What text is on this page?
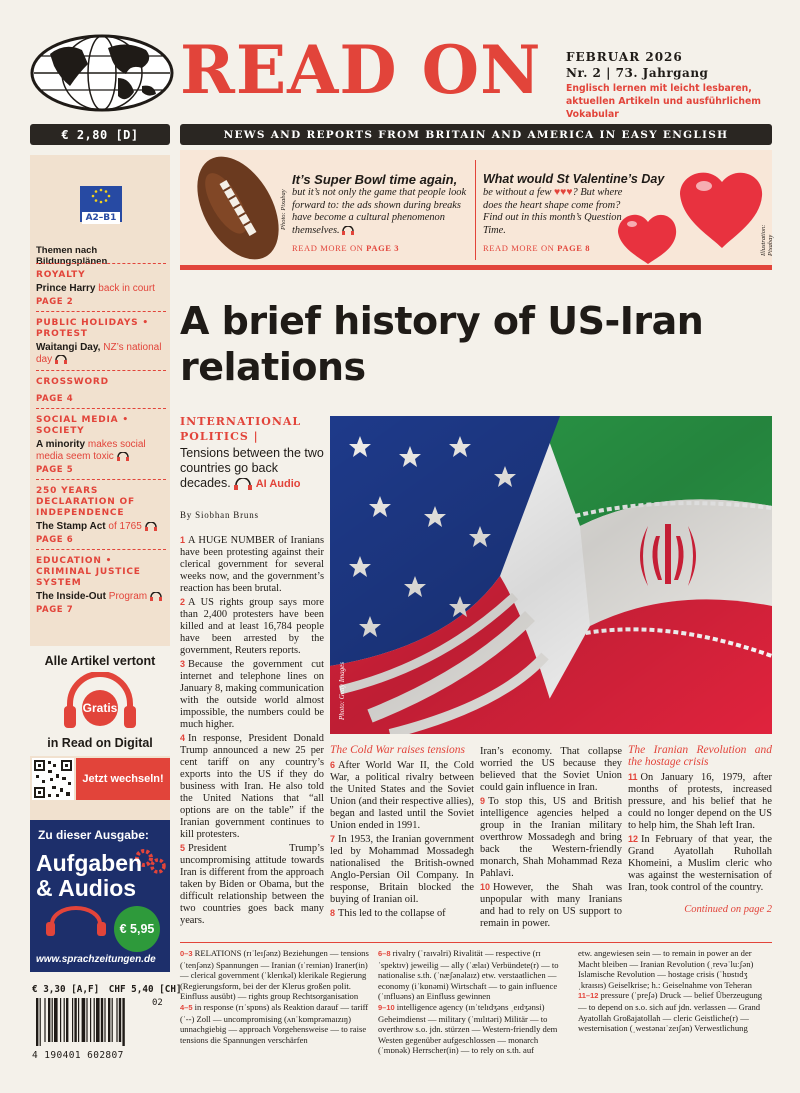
READ ON FEBRUAR 2026
Nr. 2 | 73. Jahrgang
Englisch lernen mit leicht lesbaren, aktuellen Artikeln und ausführlichem Vokabular
€ 2,80 [D]	NEWS AND REPORTS FROM BRITAIN AND AMERICA IN EASY ENGLISH
A2–B1
Themen nach Bildungsplänen
ROYALTY
Prince Harry back in court
PAGE 2
PUBLIC HOLIDAYS • PROTEST
Waitangi Day, NZ’s national day
CROSSWORD
PAGE 4
SOCIAL MEDIA • SOCIETY
A minority makes social media seem toxic
PAGE 5
250 YEARS DECLARATION OF INDEPENDENCE
The Stamp Act of 1765
PAGE 6
EDUCATION • CRIMINAL JUSTICE SYSTEM
The Inside-Out Program
PAGE 7
Alle Artikel vertont
Gratis
in Read on Digital
Jetzt wechseln!
Zu dieser Ausgabe:
Aufgaben
& Audios
€ 5,95
www.sprachzeitungen.de
€ 3,30 [A,F] CHF 5,40 [CH]
4 190401 602807
02
Photo: Pixabay
It’s Super Bowl time again,
but it’s not only the game that people look forward to: the ads shown during breaks have become a cultural phenomenon themselves.
READ MORE ON PAGE 3
What would St Valentine’s Day
be without a few ♥♥♥? But where does the heart shape come from? Find out in this month’s Question Time.
READ MORE ON PAGE 8	Illustration: Pixabay
A brief history of US-Iran relations
INTERNATIONAL POLITICS |
Tensions between the two countries go back decades. AI Audio
By Siobhan Bruns
Photo: Getty Images

1 A HUGE NUMBER of Iranians have been protesting against their clerical government for several weeks now, and the government’s reaction has been brutal.

2 A US rights group says more than 2,400 protesters have been killed and at least 16,784 people have been arrested by the government, Reuters reports.

3 Because the government cut internet and telephone lines on January 8, making communication with the outside world almost impossible, the numbers could be much higher.

4 In response, President Donald Trump announced a new 25 per cent tariff on any country’s exports into the US if they do business with Iran. He also told the United Nations that “all options are on the table” if the Iranian government continues to kill protesters.

5 President Trump’s uncompromising attitude towards Iran is different from the approach taken by Biden or Obama, but the difficult relationship between the two countries goes back many years.

The Cold War raises tensions

6 After World War II, the Cold War, a political rivalry between the United States and the Soviet Union (and their respective allies), began and lasted until the Soviet Union ended in 1991.

7 In 1953, the Iranian government led by Mohammad Mossadegh nationalised the British-owned Anglo-Persian Oil Company. In response, Britain blocked the buying of Iranian oil.

8 This led to the collapse of

Iran’s economy. That collapse worried the US because they believed that the Soviet Union could gain influence in Iran.

9 To stop this, US and British intelligence agencies helped a group in the Iranian military overthrow Mossadegh and bring back the Western-friendly monarch, Shah Mohammad Reza Pahlavi.

10 However, the Shah was unpopular with many Iranians and had to rely on US support to remain in power.

The Iranian Revolution and the hostage crisis

11 On January 16, 1979, after months of protests, increased pressure, and his belief that he could no longer depend on the US to help him, the Shah left Iran.

12 In February of that year, the Grand Ayatollah Ruhollah Khomeini, a Muslim cleric who was against the westernisation of Iran, took control of the country.

Continued on page 2
0–3 RELATIONS (rɪˈleɪʃənz) Beziehungen — tensions (ˈtenʃənz) Spannungen — Iranian (ɪˈreɪniən) Iraner(in) — clerical government (ˈklerɪkəl) klerikale Regierung (Regierungsform, bei der der Klerus großen polit. Einfluss ausübt) — rights group Rechtsorganisation
4–5 in response (rɪˈspɒns) als Reaktion darauf — tariff (ˈ--) Zoll — uncompromising (ʌnˈkɒmprəmaɪzɪŋ) unnachgiebig — approach Vorgehensweise — to raise tensions die Spannungen verschärfen
6–8 rivalry (ˈraɪvəlri) Rivalität — respective (rɪˈspektɪv) jeweilig — ally (ˈælaɪ) Verbündete(r) — to nationalise s.th. (ˈnæʃənəlaɪz) etw. verstaatlichen — economy (iˈkɒnəmi) Wirtschaft — to gain influence (ˈɪnfluəns) an Einfluss gewinnen
9–10 intelligence agency (ɪnˈtelɪdʒəns ˌeɪdʒənsi) Geheimdienst — military (ˈmɪlɪtəri) Militär — to overthrow s.o. jdn. stürzen — Western-friendly dem Westen gegenüber aufgeschlossen — monarch (ˈmɒnək) Herrscher(in) — to rely on s.th. auf
etw. angewiesen sein — to remain in power an der Macht bleiben — Iranian Revolution (ˌrevəˈluːʃən) Islamische Revolution — hostage crisis (ˈhɒstɪdʒ ˌkraɪsɪs) Geiselkrise; h.: Geiselnahme von Teheran
11–12 pressure (ˈpreʃə) Druck — belief Überzeugung — to depend on s.o. sich auf jdn. verlassen — Grand Ayatollah Großajatollah — cleric Geistliche(r) — westernisation (ˌwestənaɪˈzeɪʃən) Verwestlichung
